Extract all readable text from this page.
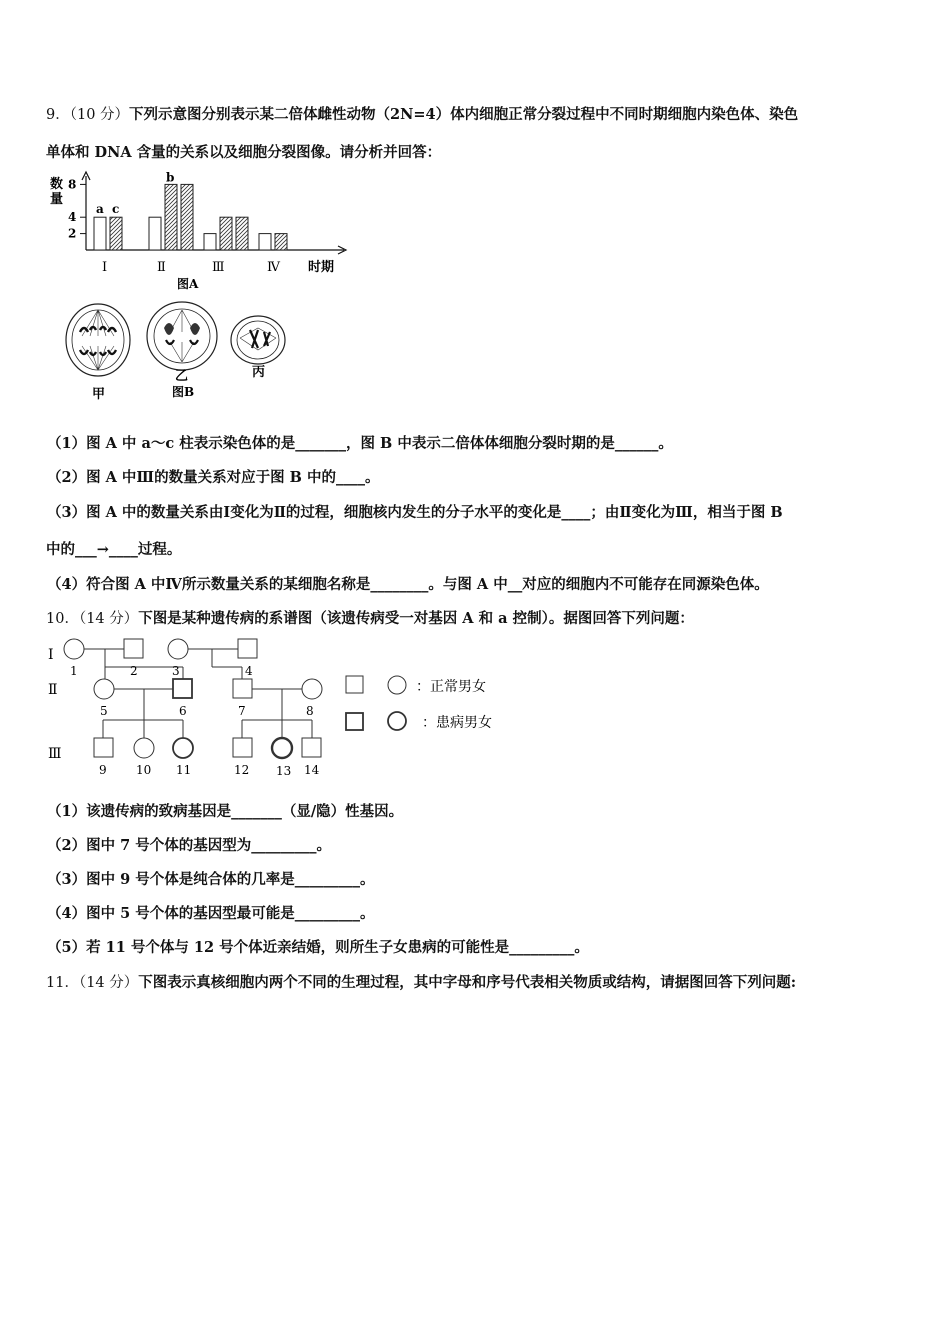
9．（10 分）下列示意图分别表示某二倍体雌性动物（2N=4）体内细胞正常分裂过程中不同时期细胞内染色体、染色
单体和 DNA 含量的关系以及细胞分裂图像。请分析并回答：
数
量
2
4
8
a c
b
Ⅰ	Ⅱ	Ⅲ	Ⅳ 时期
图A
甲
乙	丙
图B
（1）图 A 中 a～c 柱表示染色体的是_______，图 B 中表示二倍体体细胞分裂时期的是______。
（2）图 A 中Ⅲ的数量关系对应于图 B 中的____。
（3）图 A 中的数量关系由Ⅰ变化为Ⅱ的过程，细胞核内发生的分子水平的变化是____；由Ⅱ变化为Ⅲ，相当于图 B
中的___→____过程。
（4）符合图 A 中Ⅳ所示数量关系的某细胞名称是________。与图 A 中__对应的细胞内不可能存在同源染色体。
10．（14 分）下图是某种遗传病的系谱图（该遗传病受一对基因 A 和 a 控制）。据图回答下列问题：
Ⅰ
Ⅱ
Ⅲ
1	2	3	4
5	6	7	8
9 10 11	12 13 14
：正常男女
：患病男女
（1）该遗传病的致病基因是_______（显/隐）性基因。
（2）图中 7 号个体的基因型为_________。
（3）图中 9 号个体是纯合体的几率是_________。
（4）图中 5 号个体的基因型最可能是_________。
（5）若 11 号个体与 12 号个体近亲结婚，则所生子女患病的可能性是_________。
11．（14 分）下图表示真核细胞内两个不同的生理过程，其中字母和序号代表相关物质或结构，请据图回答下列问题:
